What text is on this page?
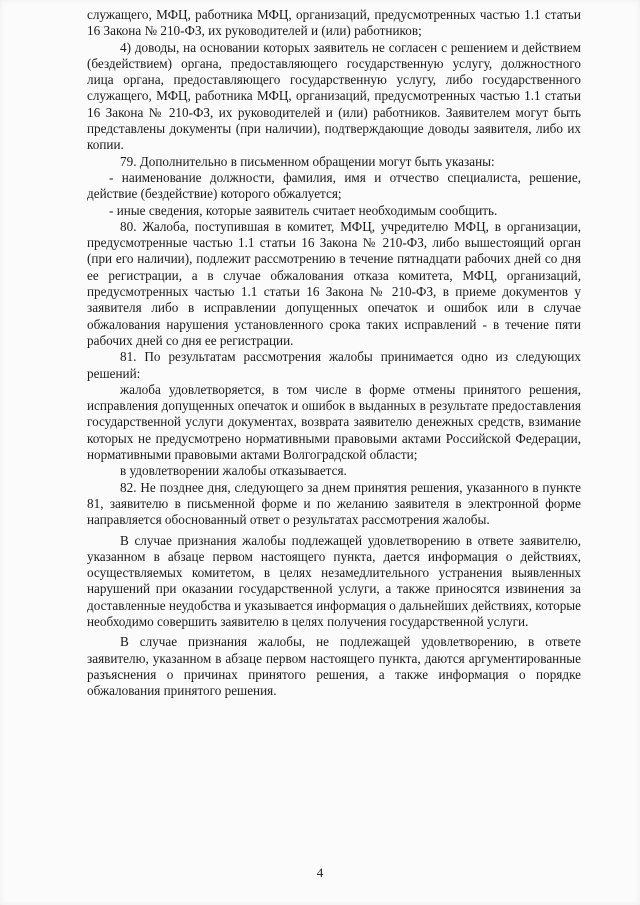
служащего, МФЦ, работника МФЦ, организаций, предусмотренных частью 1.1 статьи 16 Закона № 210-ФЗ, их руководителей и (или) работников;

4) доводы, на основании которых заявитель не согласен с решением и действием (бездействием) органа, предоставляющего государственную услугу, должностного лица органа, предоставляющего государственную услугу, либо государственного служащего, МФЦ, работника МФЦ, организаций, предусмотренных частью 1.1 статьи 16 Закона № 210-ФЗ, их руководителей и (или) работников. Заявителем могут быть представлены документы (при наличии), подтверждающие доводы заявителя, либо их копии.

79. Дополнительно в письменном обращении могут быть указаны:

- наименование должности, фамилия, имя и отчество специалиста, решение, действие (бездействие) которого обжалуется;

- иные сведения, которые заявитель считает необходимым сообщить.

80. Жалоба, поступившая в комитет, МФЦ, учредителю МФЦ, в организации, предусмотренные частью 1.1 статьи 16 Закона № 210-ФЗ, либо вышестоящий орган (при его наличии), подлежит рассмотрению в течение пятнадцати рабочих дней со дня ее регистрации, а в случае обжалования отказа комитета, МФЦ, организаций, предусмотренных частью 1.1 статьи 16 Закона № 210-ФЗ, в приеме документов у заявителя либо в исправлении допущенных опечаток и ошибок или в случае обжалования нарушения установленного срока таких исправлений - в течение пяти рабочих дней со дня ее регистрации.

81. По результатам рассмотрения жалобы принимается одно из следующих решений:

жалоба удовлетворяется, в том числе в форме отмены принятого решения, исправления допущенных опечаток и ошибок в выданных в результате предоставления государственной услуги документах, возврата заявителю денежных средств, взимание которых не предусмотрено нормативными правовыми актами Российской Федерации, нормативными правовыми актами Волгоградской области;

в удовлетворении жалобы отказывается.

82. Не позднее дня, следующего за днем принятия решения, указанного в пункте 81, заявителю в письменной форме и по желанию заявителя в электронной форме направляется обоснованный ответ о результатах рассмотрения жалобы.

В случае признания жалобы подлежащей удовлетворению в ответе заявителю, указанном в абзаце первом настоящего пункта, дается информация о действиях, осуществляемых комитетом, в целях незамедлительного устранения выявленных нарушений при оказании государственной услуги, а также приносятся извинения за доставленные неудобства и указывается информация о дальнейших действиях, которые необходимо совершить заявителю в целях получения государственной услуги.

В случае признания жалобы, не подлежащей удовлетворению, в ответе заявителю, указанном в абзаце первом настоящего пункта, даются аргументированные разъяснения о причинах принятого решения, а также информация о порядке обжалования принятого решения.

4
